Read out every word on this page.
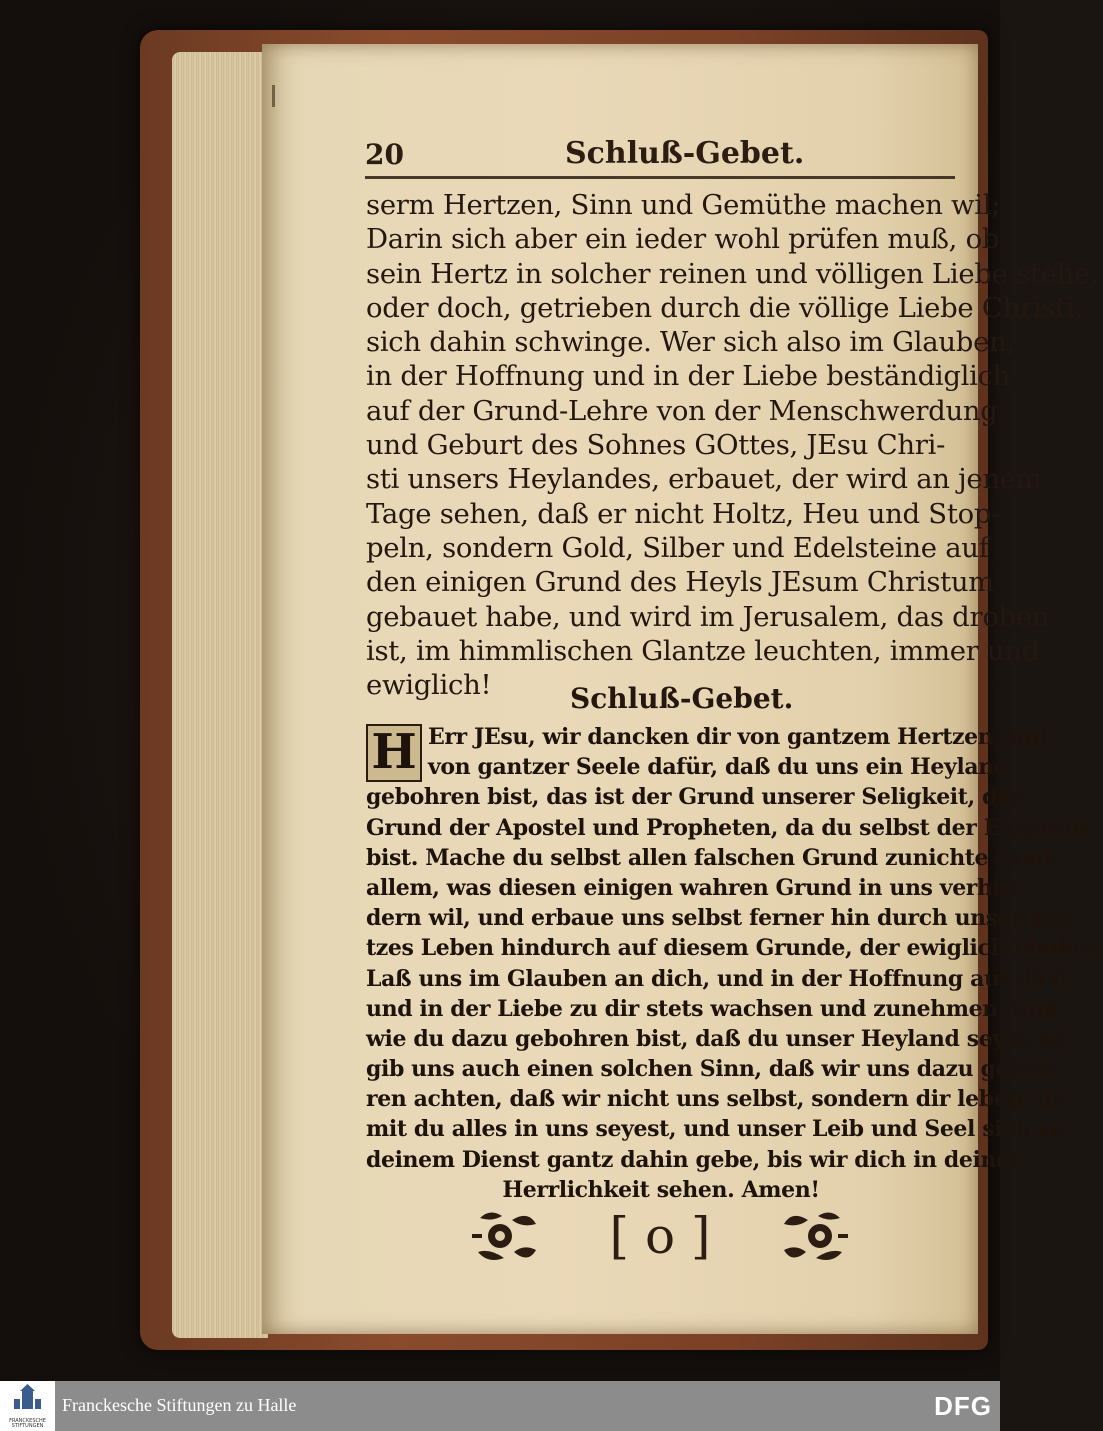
20	Schluß-Gebet.
serm Hertzen, Sinn und Gemüthe machen wil;
Darin sich aber ein ieder wohl prüfen muß, ob
sein Hertz in solcher reinen und völligen Liebe stehe,
oder doch, getrieben durch die völlige Liebe Christi,
sich dahin schwinge. Wer sich also im Glauben,
in der Hoffnung und in der Liebe beständiglich
auf der Grund-Lehre von der Menschwerdung
und Geburt des Sohnes GOttes, JEsu Chri-
sti unsers Heylandes, erbauet, der wird an jenem
Tage sehen, daß er nicht Holtz, Heu und Stop-
peln, sondern Gold, Silber und Edelsteine auf
den einigen Grund des Heyls JEsum Christum
gebauet habe, und wird im Jerusalem, das droben
ist, im himmlischen Glantze leuchten, immer und
ewiglich!	Schluß-Gebet.
H Err JEsu, wir dancken dir von gantzem Hertzen und
von gantzer Seele dafür, daß du uns ein Heyland
gebohren bist, das ist der Grund unserer Seligkeit, der
Grund der Apostel und Propheten, da du selbst der Eckstein
bist. Mache du selbst allen falschen Grund zunichte samt
allem, was diesen einigen wahren Grund in uns verhin-
dern wil, und erbaue uns selbst ferner hin durch unser gan-
tzes Leben hindurch auf diesem Grunde, der ewiglich bleibet.
Laß uns im Glauben an dich, und in der Hoffnung auf dich,
und in der Liebe zu dir stets wachsen und zunehmen; und
wie du dazu gebohren bist, daß du unser Heyland seyst, so
gib uns auch einen solchen Sinn, daß wir uns dazu geboh-
ren achten, daß wir nicht uns selbst, sondern dir leben, da-
mit du alles in uns seyest, und unser Leib und Seel sich zu
deinem Dienst gantz dahin gebe, bis wir dich in deiner
Herrlichkeit sehen. Amen!
[ o ]
FRANCKESCHE STIFTUNGEN
Franckesche Stiftungen zu Halle	DFG
